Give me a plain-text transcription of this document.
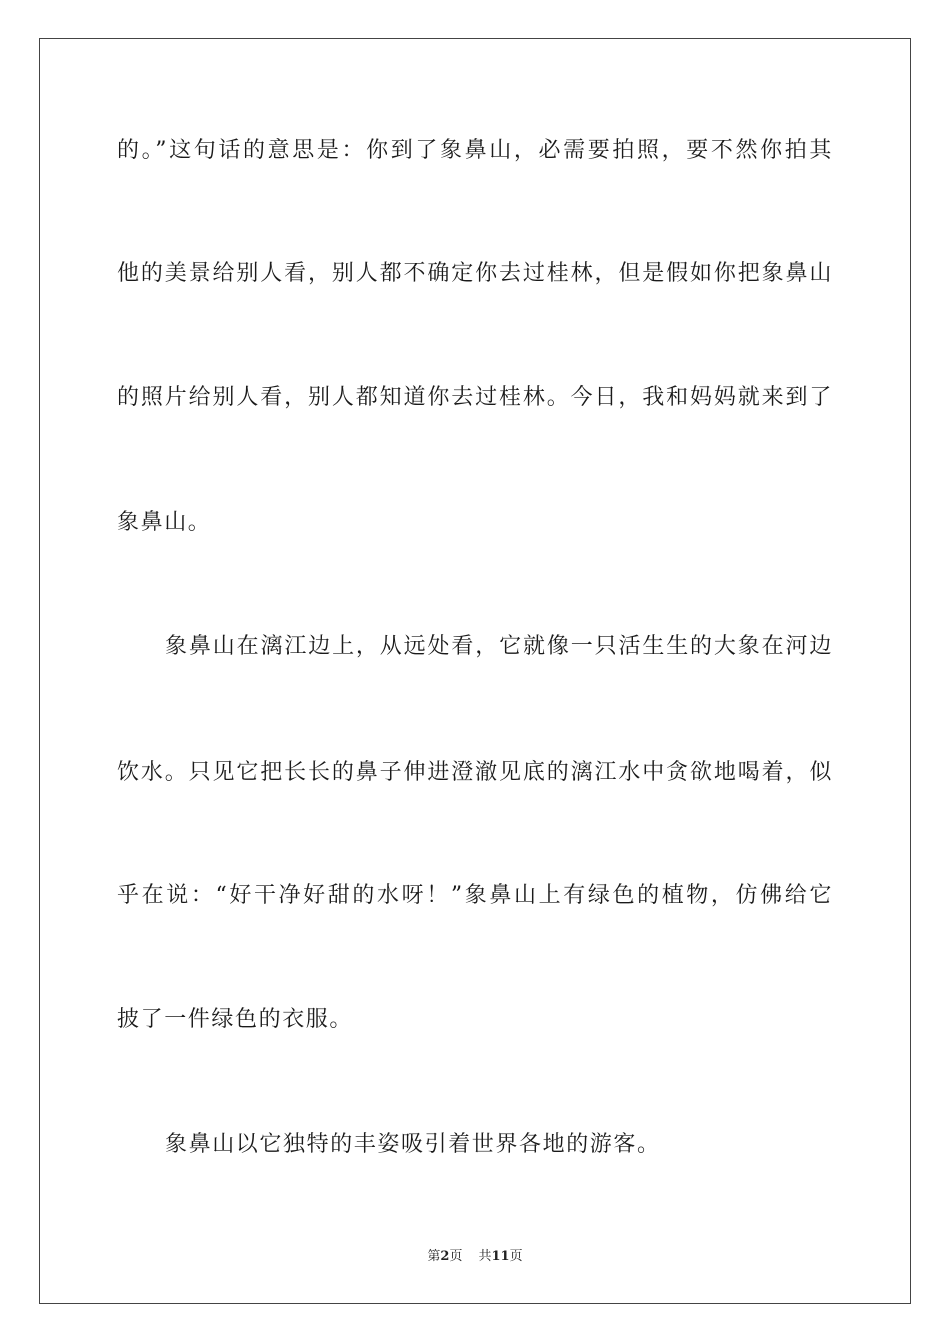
的。”这句话的意思是：你到了象鼻山，必需要拍照，要不然你拍其
他的美景给别人看，别人都不确定你去过桂林，但是假如你把象鼻山
的照片给别人看，别人都知道你去过桂林。今日，我和妈妈就来到了
象鼻山。
象鼻山在漓江边上，从远处看，它就像一只活生生的大象在河边
饮水。只见它把长长的鼻子伸进澄澈见底的漓江水中贪欲地喝着，似
乎在说：“好干净好甜的水呀！”象鼻山上有绿色的植物，仿佛给它
披了一件绿色的衣服。
象鼻山以它独特的丰姿吸引着世界各地的游客。
第2页 共11页
